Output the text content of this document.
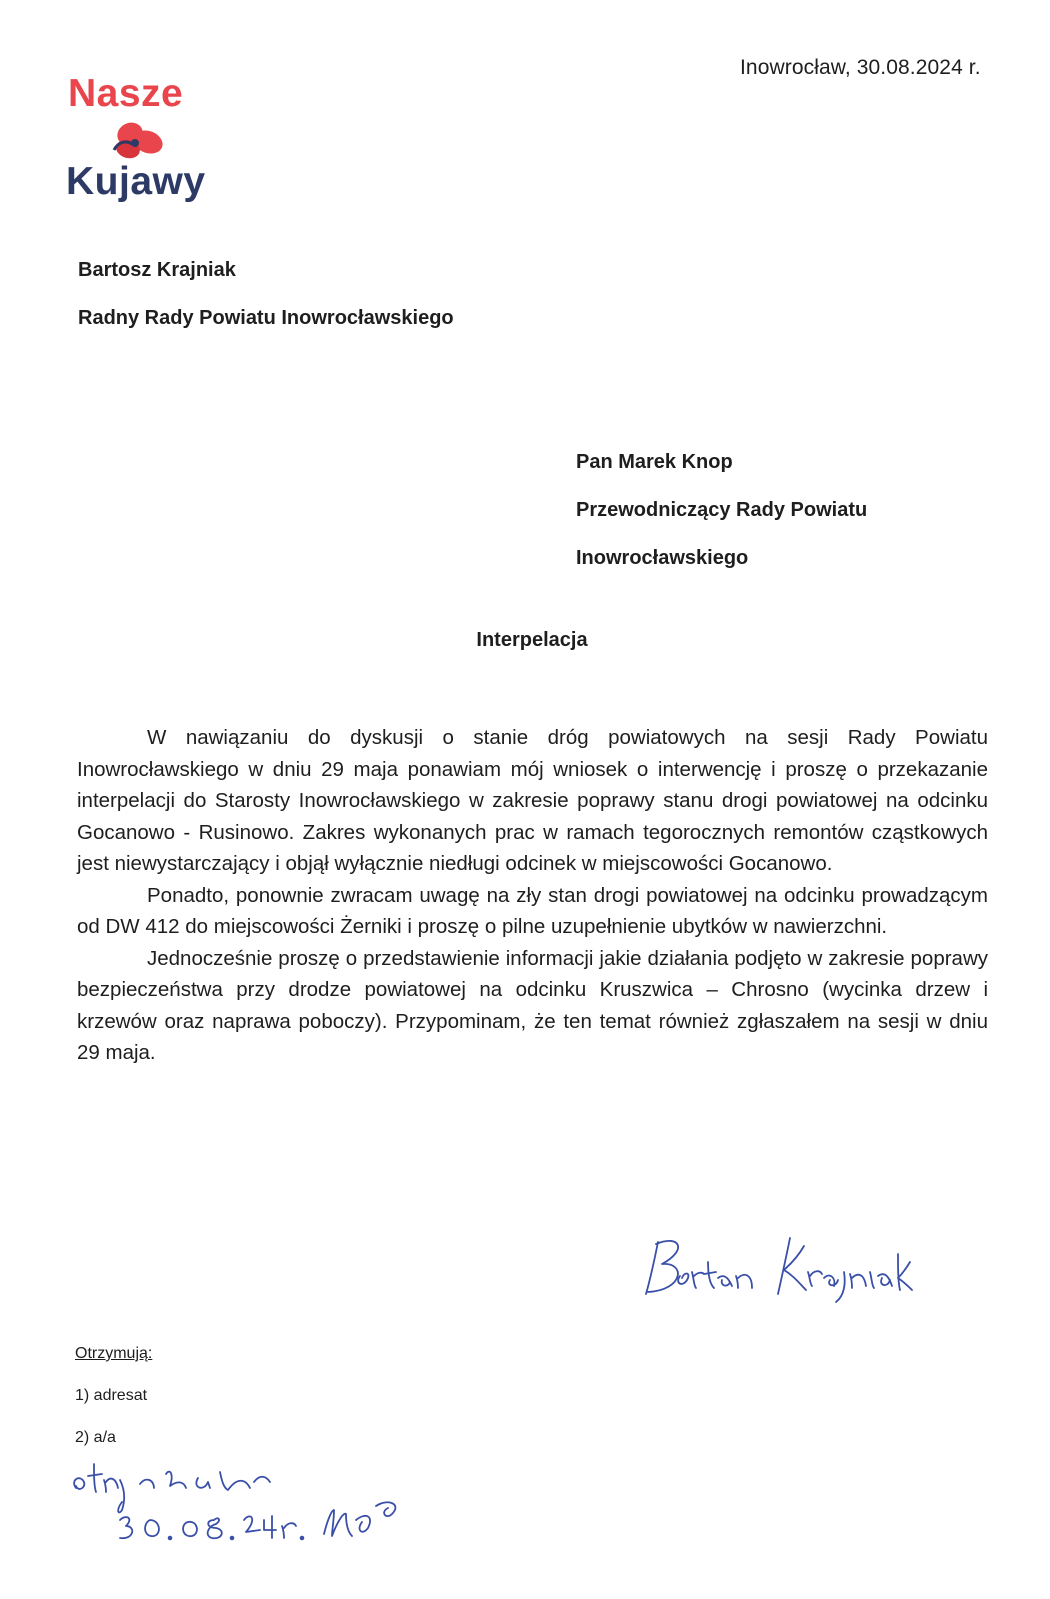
Inowrocław, 30.08.2024 r.
Nasze
Kujawy
Bartosz Krajniak
Radny Rady Powiatu Inowrocławskiego
Pan Marek Knop
Przewodniczący Rady Powiatu
Inowrocławskiego
Interpelacja

W nawiązaniu do dyskusji o stanie dróg powiatowych na sesji Rady Powiatu Inowrocławskiego w dniu 29 maja ponawiam mój wniosek o interwencję i proszę o przekazanie interpelacji do Starosty Inowrocławskiego w zakresie poprawy stanu drogi powiatowej na odcinku Gocanowo - Rusinowo. Zakres wykonanych prac w ramach tegorocznych remontów cząstkowych jest niewystarczający i objął wyłącznie niedługi odcinek w miejscowości Gocanowo.

Ponadto, ponownie zwracam uwagę na zły stan drogi powiatowej na odcinku prowadzącym od DW 412 do miejscowości Żerniki i proszę o pilne uzupełnienie ubytków w nawierzchni.

Jednocześnie proszę o przedstawienie informacji jakie działania podjęto w zakresie poprawy bezpieczeństwa przy drodze powiatowej na odcinku Kruszwica – Chrosno (wycinka drzew i krzewów oraz naprawa poboczy). Przypominam, że ten temat również zgłaszałem na sesji w dniu 29 maja.

Otrzymują:
1) adresat
2) a/a
